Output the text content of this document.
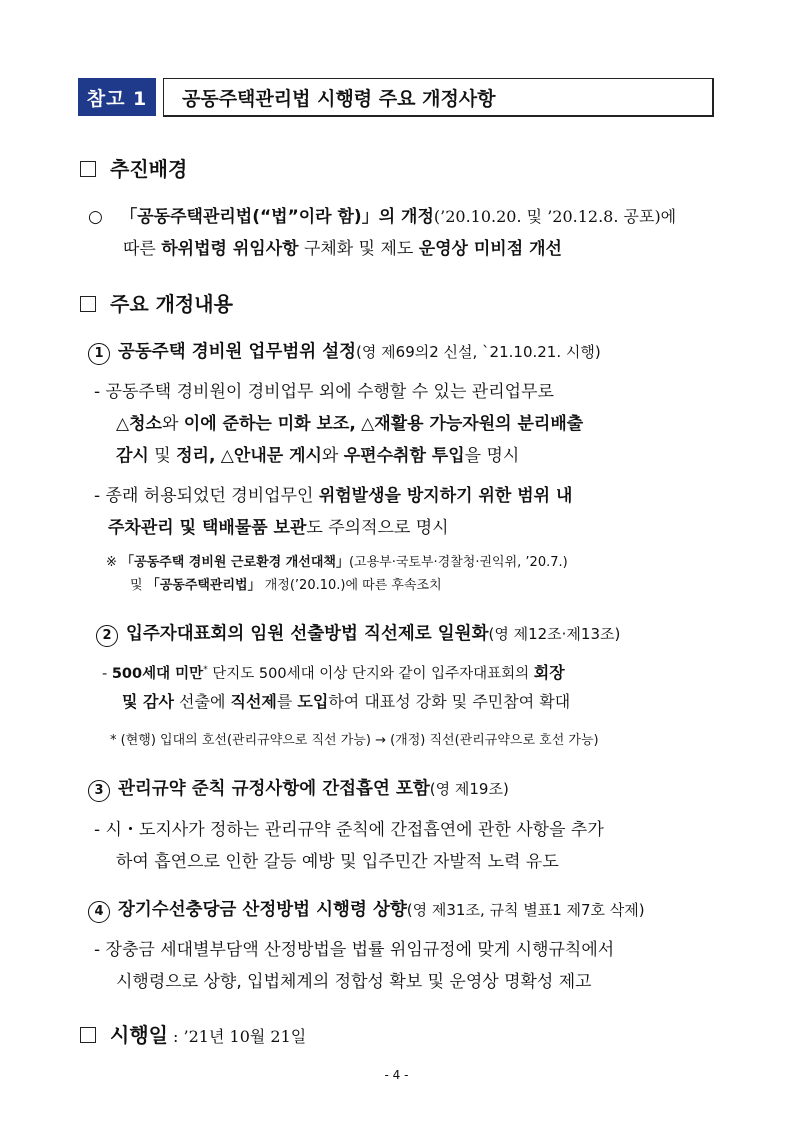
참고 1	공동주택관리법 시행령 주요 개정사항
추진배경
○ 「공동주택관리법(“법”이라 함)」의 개정(’20.10.20. 및 ’20.12.8. 공포)에
따른 하위법령 위임사항 구체화 및 제도 운영상 미비점 개선
주요 개정내용
1 공동주택 경비원 업무범위 설정(영 제69의2 신설, `21.10.21. 시행)
- 공동주택 경비원이 경비업무 외에 수행할 수 있는 관리업무로
△청소와 이에 준하는 미화 보조, △재활용 가능자원의 분리배출
감시 및 정리, △안내문 게시와 우편수취함 투입을 명시
- 종래 허용되었던 경비업무인 위험발생을 방지하기 위한 범위 내
주차관리 및 택배물품 보관도 주의적으로 명시
※ 「공동주택 경비원 근로환경 개선대책」(고용부·국토부·경찰청·권익위, ’20.7.)
및 「공동주택관리법」 개정(’20.10.)에 따른 후속조치
2 입주자대표회의 임원 선출방법 직선제로 일원화(영 제12조·제13조)
- 500세대 미만* 단지도 500세대 이상 단지와 같이 입주자대표회의 회장
및 감사 선출에 직선제를 도입하여 대표성 강화 및 주민참여 확대
* (현행) 입대의 호선(관리규약으로 직선 가능) → (개정) 직선(관리규약으로 호선 가능)
3 관리규약 준칙 규정사항에 간접흡연 포함(영 제19조)
- 시・도지사가 정하는 관리규약 준칙에 간접흡연에 관한 사항을 추가
하여 흡연으로 인한 갈등 예방 및 입주민간 자발적 노력 유도
4 장기수선충당금 산정방법 시행령 상향(영 제31조, 규칙 별표1 제7호 삭제)
- 장충금 세대별부담액 산정방법을 법률 위임규정에 맞게 시행규칙에서
시행령으로 상향, 입법체계의 정합성 확보 및 운영상 명확성 제고
시행일 : ’21년 10월 21일
- 4 -
